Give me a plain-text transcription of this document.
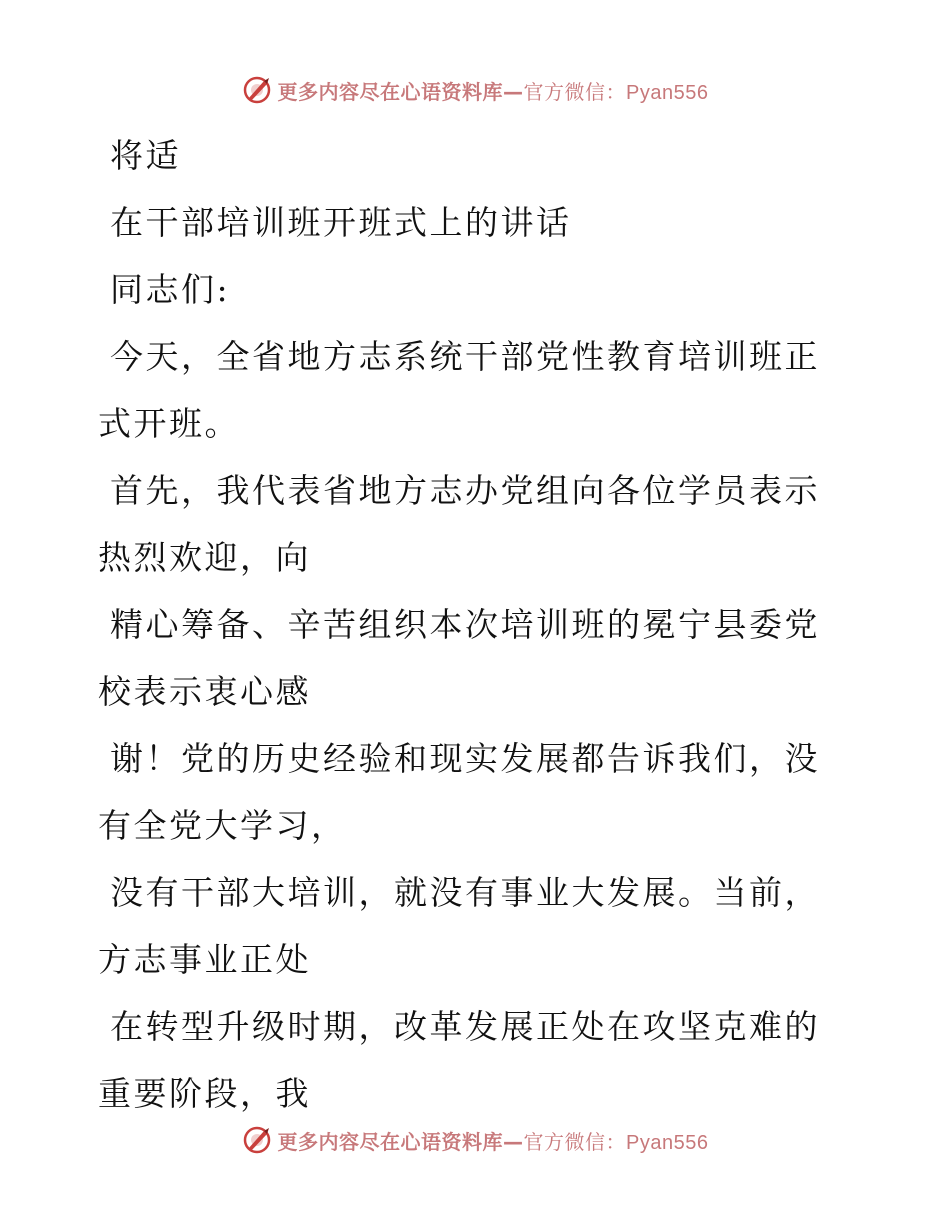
更多内容尽在心语资料库—官方微信：Pyan556

将适

在干部培训班开班式上的讲话

同志们:

今天，全省地方志系统干部党性教育培训班正式开班。

首先，我代表省地方志办党组向各位学员表示热烈欢迎，向

精心筹备、辛苦组织本次培训班的冕宁县委党校表示衷心感

谢！党的历史经验和现实发展都告诉我们，没有全党大学习，

没有干部大培训，就没有事业大发展。当前，方志事业正处

在转型升级时期，改革发展正处在攻坚克难的重要阶段，我

更多内容尽在心语资料库—官方微信：Pyan556
